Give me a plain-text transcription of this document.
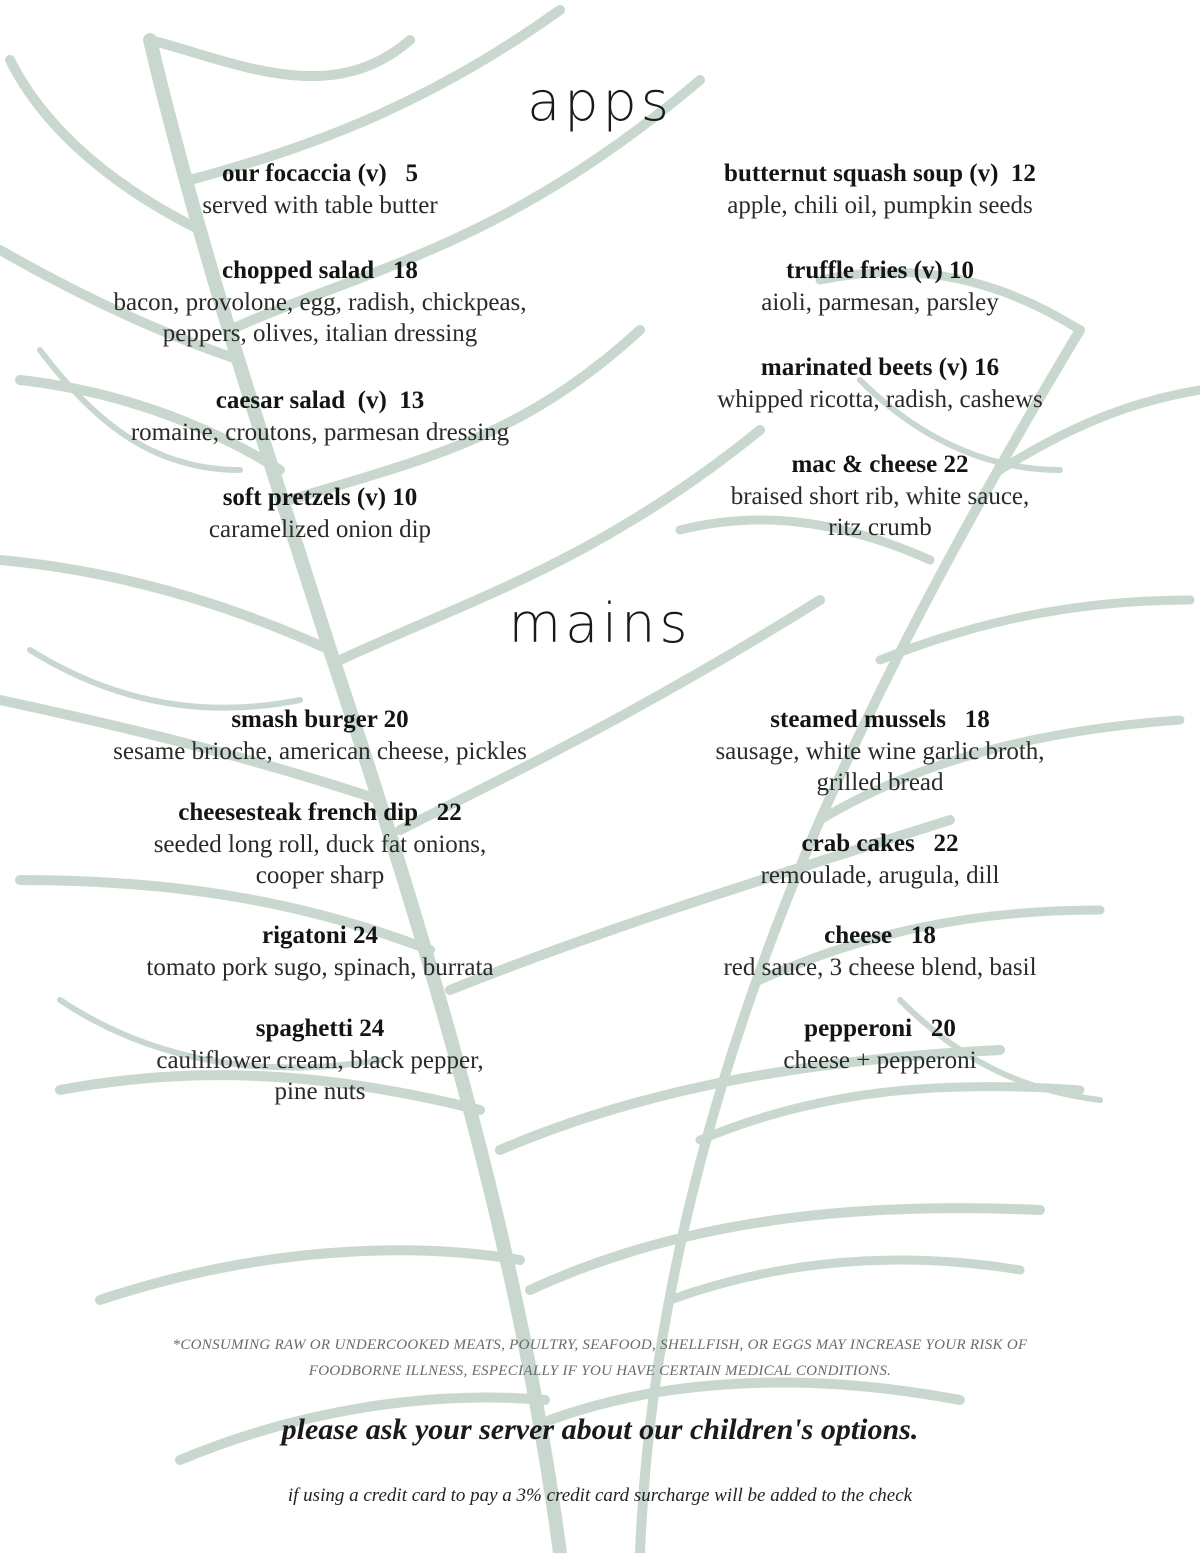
apps
our focaccia (v)   5
served with table butter
chopped salad   18
bacon, provolone, egg, radish, chickpeas,
peppers, olives, italian dressing
caesar salad  (v)  13
romaine, croutons, parmesan dressing
soft pretzels (v) 10
caramelized onion dip
butternut squash soup (v)  12
apple, chili oil, pumpkin seeds
truffle fries (v) 10
aioli, parmesan, parsley
marinated beets (v) 16
whipped ricotta, radish, cashews
mac & cheese 22
braised short rib, white sauce,
ritz crumb
mains
smash burger 20
sesame brioche, american cheese, pickles
cheesesteak french dip   22
seeded long roll, duck fat onions,
cooper sharp
rigatoni 24
tomato pork sugo, spinach, burrata
spaghetti 24
cauliflower cream, black pepper,
pine nuts
steamed mussels   18
sausage, white wine garlic broth,
grilled bread
crab cakes   22
remoulade, arugula, dill
cheese   18
red sauce, 3 cheese blend, basil
pepperoni   20
cheese + pepperoni
*CONSUMING RAW OR UNDERCOOKED MEATS, POULTRY, SEAFOOD, SHELLFISH, OR EGGS MAY INCREASE YOUR RISK OF
FOODBORNE ILLNESS, ESPECIALLY IF YOU HAVE CERTAIN MEDICAL CONDITIONS.
please ask your server about our children's options.
if using a credit card to pay a 3% credit card surcharge will be added to the check
